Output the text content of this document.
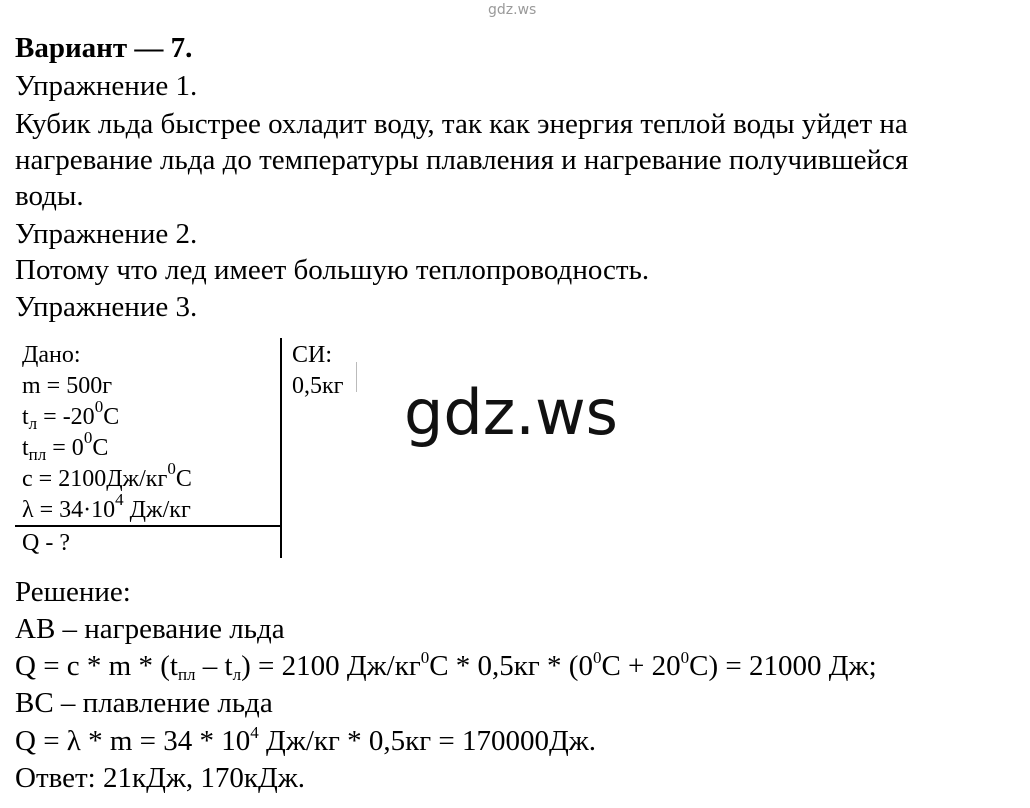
gdz.ws
Вариант — 7.
Упражнение 1.
Кубик льда быстрее охладит воду, так как энергия теплой воды уйдет на
нагревание льда до температуры плавления и нагревание получившейся
воды.
Упражнение 2.
Потому что лед имеет большую теплопроводность.
Упражнение 3.
Дано:
m = 500г
$t_л = -20^0C$
$t_{пл} = 0^0C$
$c = 2100Дж/кг^0C$
$\lambda = 34\cdot 10^4$ Дж/кг
Q - ?
СИ:
0,5кг gdz.ws
Решение:
AB – нагревание льда
$Q = c * m * (t_{пл} - t_л) = 2100$ $Дж/кг^0C * 0,5кг * (0^0C + 20^0C) = 21000$ Дж;
BC – плавление льда
$Q = \lambda * m = 34 * 10^4$ Дж/кг * 0,5кг = 170000Дж.
Ответ: 21кДж, 170кДж.
